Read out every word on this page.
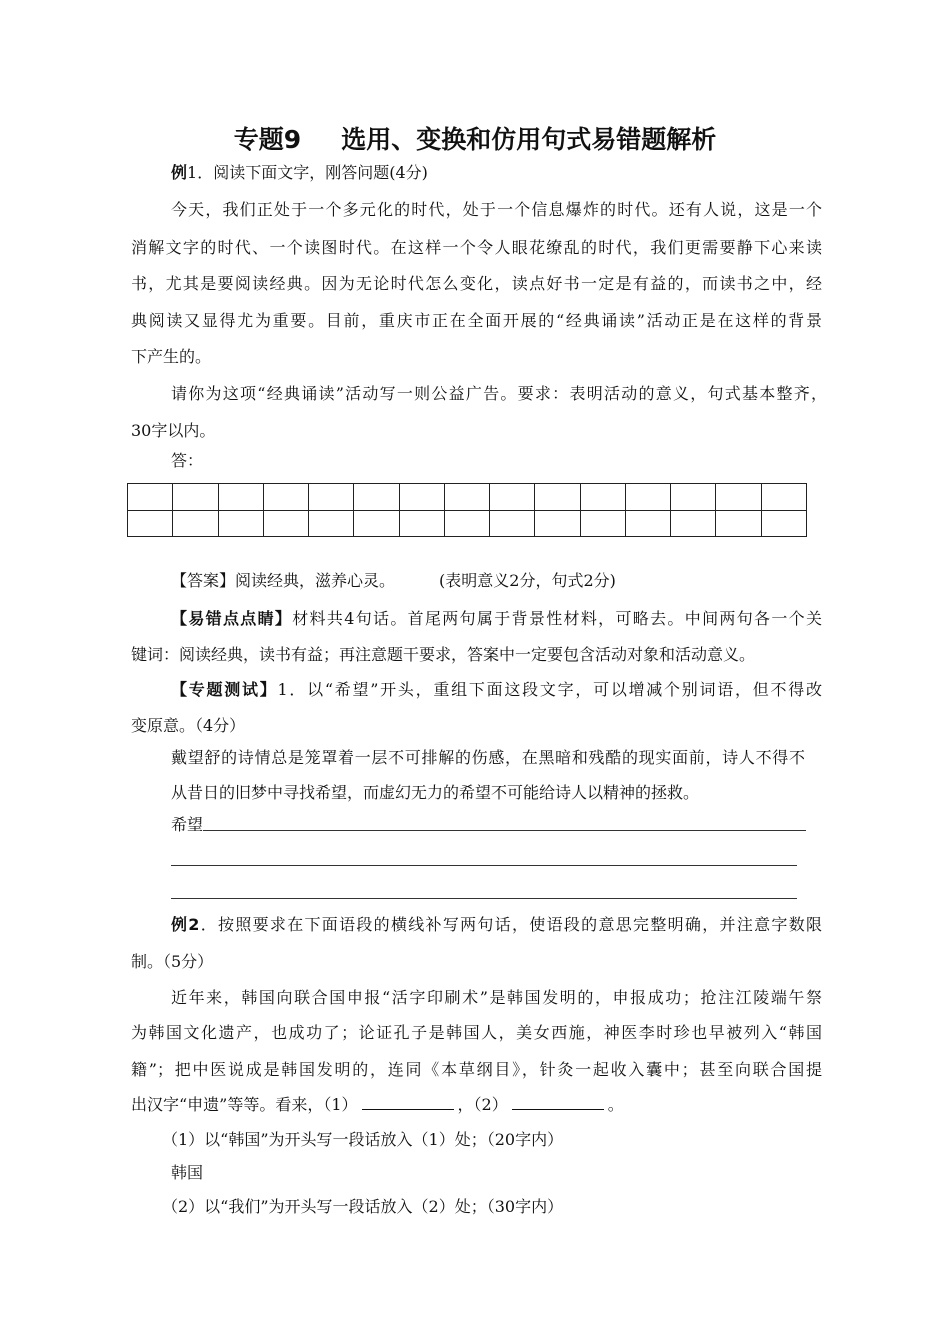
专题9 选用、变换和仿用句式易错题解析
例1．阅读下面文字，刚答问题(4分)
今天，我们正处于一个多元化的时代，处于一个信息爆炸的时代。还有人说，这是一个
消解文字的时代、一个读图时代。在这样一个令人眼花缭乱的时代，我们更需要静下心来读
书，尤其是要阅读经典。因为无论时代怎么变化，读点好书一定是有益的，而读书之中，经
典阅读又显得尤为重要。目前，重庆市正在全面开展的“经典诵读”活动正是在这样的背景
下产生的。
请你为这项“经典诵读”活动写一则公益广告。要求：表明活动的意义，句式基本整齐，
30字以内。
答：

【答案】阅读经典，滋养心灵。	(表明意义2分，句式2分)
【易错点点睛】材料共4句话。首尾两句属于背景性材料，可略去。中间两句各一个关
键词：阅读经典，读书有益；再注意题干要求，答案中一定要包含活动对象和活动意义。
【专题测试】1．以“希望”开头，重组下面这段文字，可以增减个别词语，但不得改
变原意。（4分）
戴望舒的诗情总是笼罩着一层不可排解的伤感，在黑暗和残酷的现实面前，诗人不得不
从昔日的旧梦中寻找希望，而虚幻无力的希望不可能给诗人以精神的拯救。
希望
例2．按照要求在下面语段的横线补写两句话，使语段的意思完整明确，并注意字数限
制。（5分）
近年来，韩国向联合国申报“活字印刷术”是韩国发明的，申报成功；抢注江陵端午祭
为韩国文化遗产，也成功了；论证孔子是韩国人，美女西施，神医李时珍也早被列入“韩国
籍”；把中医说成是韩国发明的，连同《本草纲目》，针灸一起收入囊中；甚至向联合国提
出汉字“申遗”等等。看来，（1）	，（2）	。
（1）以“韩国”为开头写一段话放入（1）处；（20字内）
韩国
（2）以“我们”为开头写一段话放入（2）处；（30字内）
